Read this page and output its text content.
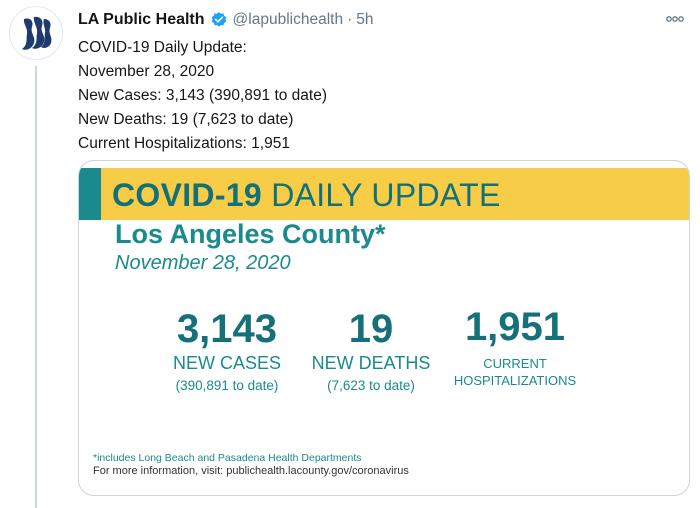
LA Public Health @lapublichealth · 5h
COVID-19 Daily Update:
November 28, 2020
New Cases: 3,143 (390,891 to date)
New Deaths: 19 (7,623 to date)
Current Hospitalizations: 1,951
COVID-19 DAILY UPDATE
Los Angeles County*
November 28, 2020
3,143
NEW CASES
(390,891 to date)
19
NEW DEATHS
(7,623 to date)
1,951
CURRENT
HOSPITALIZATIONS
*includes Long Beach and Pasadena Health Departments
For more information, visit: publichealth.lacounty.gov/coronavirus
